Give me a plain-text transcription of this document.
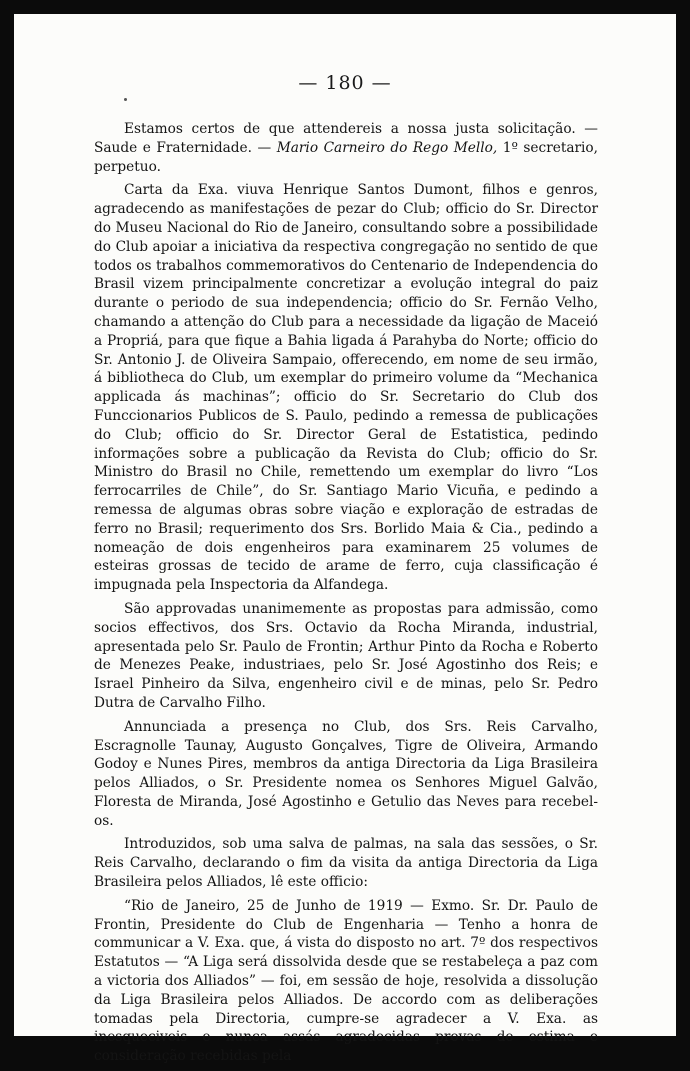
— 180 —

Estamos certos de que attendereis a nossa justa solicitação. — Saude e Fraternidade. — Mario Carneiro do Rego Mello, 1º secretario, perpetuo.

Carta da Exa. viuva Henrique Santos Dumont, filhos e genros, agradecendo as manifestações de pezar do Club; officio do Sr. Director do Museu Nacional do Rio de Janeiro, consultando sobre a possibilidade do Club apoiar a iniciativa da respectiva congregação no sentido de que todos os trabalhos commemorativos do Centenario de Independencia do Brasil vizem principalmente concretizar a evolução integral do paiz durante o periodo de sua independencia; officio do Sr. Fernão Velho, chamando a attenção do Club para a necessidade da ligação de Maceió a Propriá, para que fique a Bahia ligada á Parahyba do Norte; officio do Sr. Antonio J. de Oliveira Sampaio, offerecendo, em nome de seu irmão, á bibliotheca do Club, um exemplar do primeiro volume da “Mechanica applicada ás machinas”; officio do Sr. Secretario do Club dos Funccionarios Publicos de S. Paulo, pedindo a remessa de publicações do Club; officio do Sr. Director Geral de Estatistica, pedindo informações sobre a publicação da Revista do Club; officio do Sr. Ministro do Brasil no Chile, remettendo um exemplar do livro “Los ferrocarriles de Chile”, do Sr. Santiago Mario Vicuña, e pedindo a remessa de algumas obras sobre viação e exploração de estradas de ferro no Brasil; requerimento dos Srs. Borlido Maia & Cia., pedindo a nomeação de dois engenheiros para examinarem 25 volumes de esteiras grossas de tecido de arame de ferro, cuja classificação é impugnada pela Inspectoria da Alfandega.

São approvadas unanimemente as propostas para admissão, como socios effectivos, dos Srs. Octavio da Rocha Miranda, industrial, apresentada pelo Sr. Paulo de Frontin; Arthur Pinto da Rocha e Roberto de Menezes Peake, industriaes, pelo Sr. José Agostinho dos Reis; e Israel Pinheiro da Silva, engenheiro civil e de minas, pelo Sr. Pedro Dutra de Carvalho Filho.

Annunciada a presença no Club, dos Srs. Reis Carvalho, Escragnolle Taunay, Augusto Gonçalves, Tigre de Oliveira, Armando Godoy e Nunes Pires, membros da antiga Directoria da Liga Brasileira pelos Alliados, o Sr. Presidente nomea os Senhores Miguel Galvão, Floresta de Miranda, José Agostinho e Getulio das Neves para recebel-os.

Introduzidos, sob uma salva de palmas, na sala das sessões, o Sr. Reis Carvalho, declarando o fim da visita da antiga Directoria da Liga Brasileira pelos Alliados, lê este officio:

“Rio de Janeiro, 25 de Junho de 1919 — Exmo. Sr. Dr. Paulo de Frontin, Presidente do Club de Engenharia — Tenho a honra de communicar a V. Exa. que, á vista do disposto no art. 7º dos respectivos Estatutos — “A Liga será dissolvida desde que se restabeleça a paz com a victoria dos Alliados” — foi, em sessão de hoje, resolvida a dissolução da Liga Brasileira pelos Alliados. De accordo com as deliberações tomadas pela Directoria, cumpre-se agradecer a V. Exa. as inesqueciveis e nunca assás agradecidas provas de estima e consideração recebidas pela
